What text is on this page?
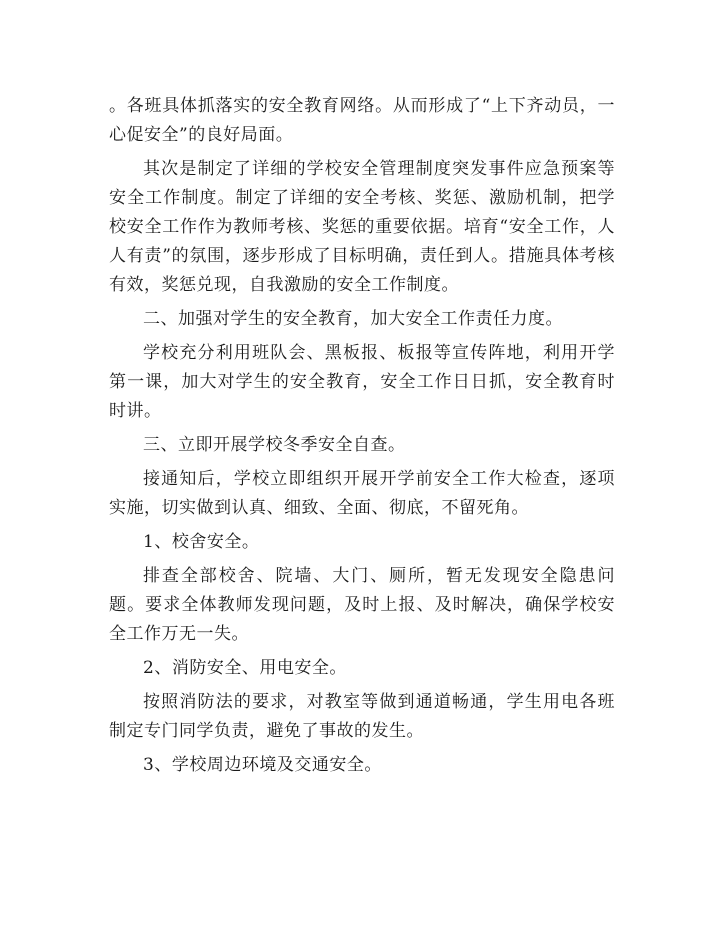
。各班具体抓落实的安全教育网络。从而形成了“上下齐动员，一心促安全”的良好局面。

其次是制定了详细的学校安全管理制度突发事件应急预案等安全工作制度。制定了详细的安全考核、奖惩、激励机制，把学校安全工作作为教师考核、奖惩的重要依据。培育“安全工作，人人有责”的氛围，逐步形成了目标明确，责任到人。措施具体考核有效，奖惩兑现，自我激励的安全工作制度。

二、加强对学生的安全教育，加大安全工作责任力度。

学校充分利用班队会、黑板报、板报等宣传阵地，利用开学第一课，加大对学生的安全教育，安全工作日日抓，安全教育时时讲。

三、立即开展学校冬季安全自查。

接通知后，学校立即组织开展开学前安全工作大检查，逐项实施，切实做到认真、细致、全面、彻底，不留死角。

1、校舍安全。

排查全部校舍、院墙、大门、厕所，暂无发现安全隐患问题。要求全体教师发现问题，及时上报、及时解决，确保学校安全工作万无一失。

2、消防安全、用电安全。

按照消防法的要求，对教室等做到通道畅通，学生用电各班制定专门同学负责，避免了事故的发生。

3、学校周边环境及交通安全。
